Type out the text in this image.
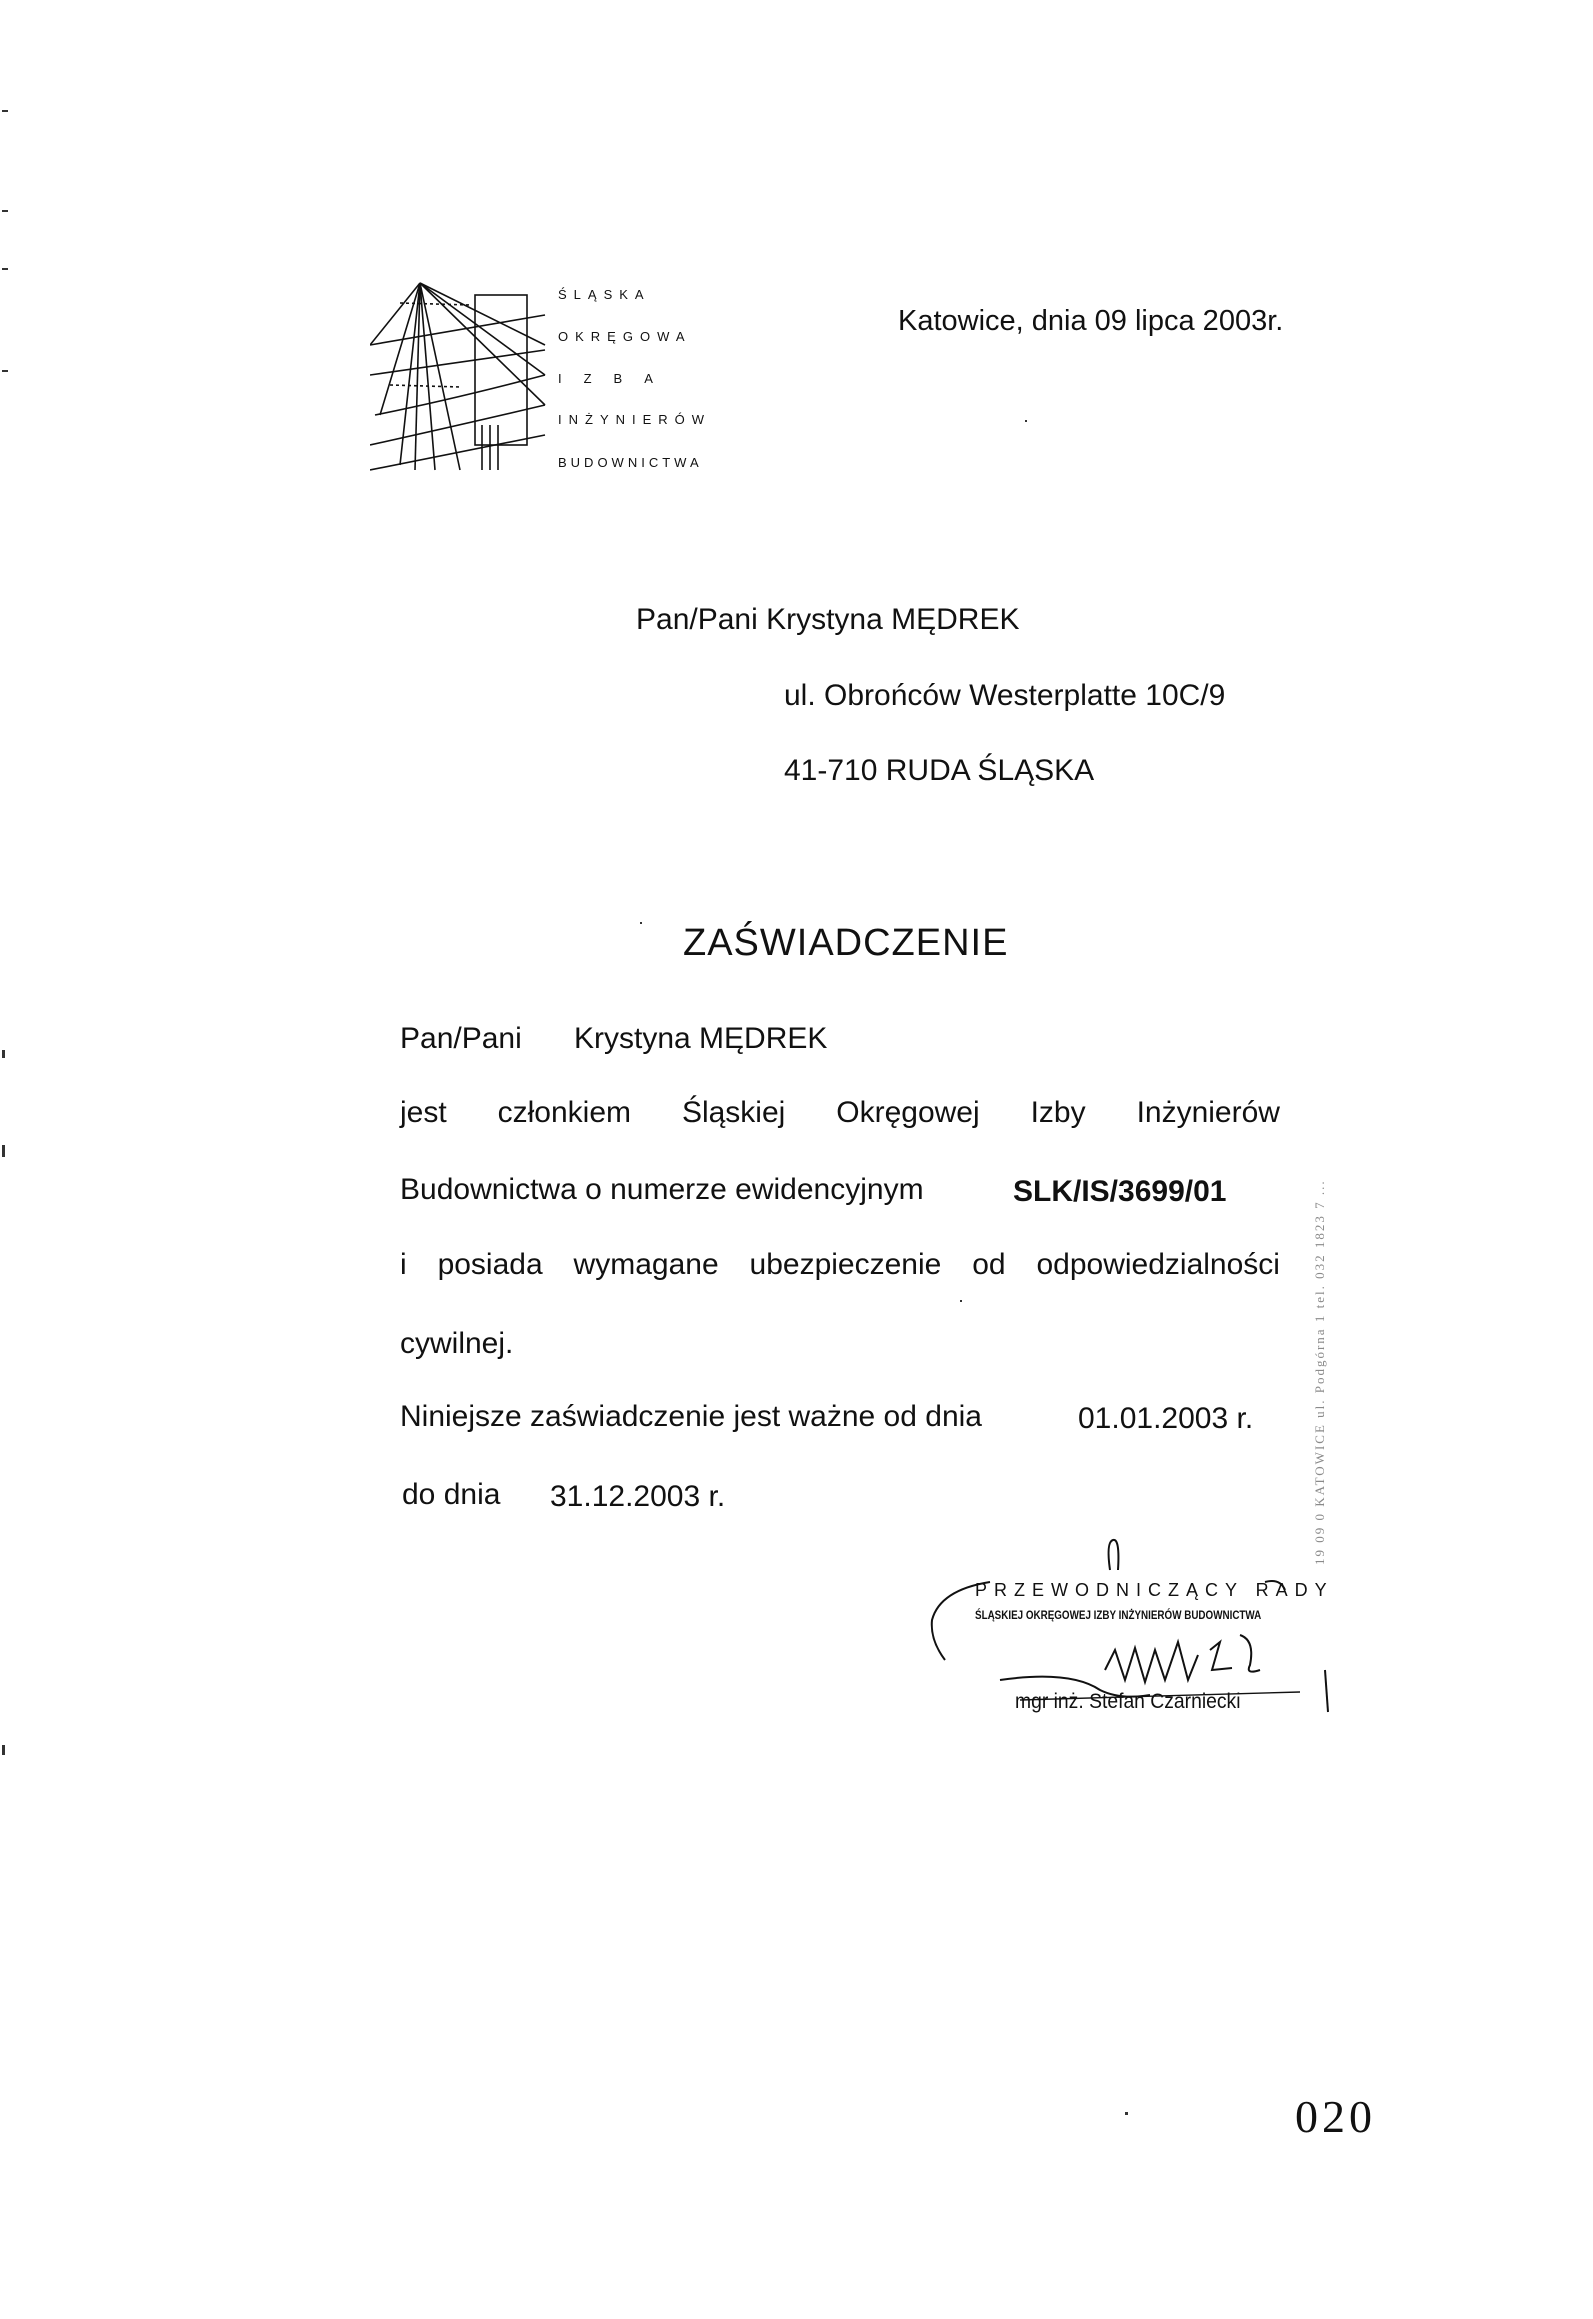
ŚLĄSKA
OKRĘGOWA
IZBA
INŻYNIERÓW
BUDOWNICTWA
Katowice, dnia 09 lipca 2003r.
Pan/Pani Krystyna MĘDREK
ul. Obrońców Westerplatte 10C/9
41-710 RUDA ŚLĄSKA
ZAŚWIADCZENIE
Pan/Pani Krystyna MĘDREK
jest członkiem Śląskiej Okręgowej Izby Inżynierów
Budownictwa o numerze ewidencyjnym	SLK/IS/3699/01
i posiada wymagane ubezpieczenie od odpowiedzialności
cywilnej.
Niniejsze zaświadczenie jest ważne od dnia	01.01.2003 r.
do dnia 31.12.2003 r.
PRZEWODNICZĄCY RADY
ŚLĄSKIEJ OKRĘGOWEJ IZBY INŻYNIERÓW BUDOWNICTWA
mgr inż. Stefan Czarniecki
19 09 0 KATOWICE ul. Podgórna 1 tel. 032 1823 7 ...
020
